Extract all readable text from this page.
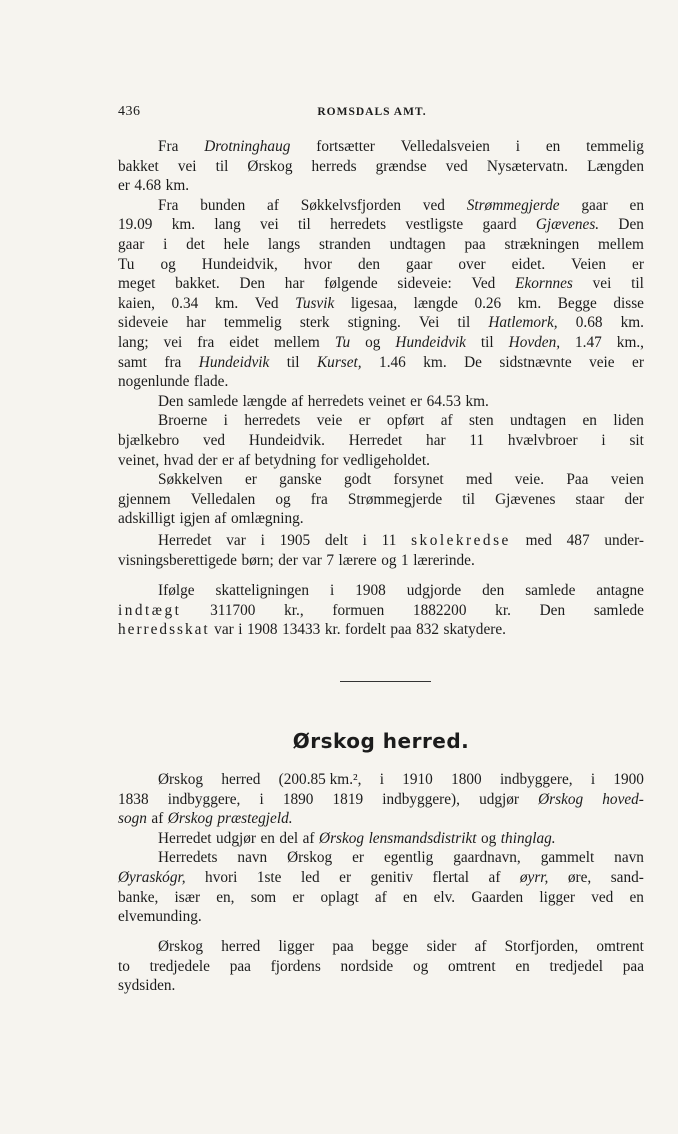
436	ROMSDALS AMT.
Fra Drotninghaug fortsætter Velledalsveien i en temmelig
bakket vei til Ørskog herreds grændse ved Nysætervatn. Længden
er 4.68 km.
Fra bunden af Søkkelvsfjorden ved Strømmegjerde gaar en
19.09 km. lang vei til herredets vestligste gaard Gjævenes. Den
gaar i det hele langs stranden undtagen paa strækningen mellem
Tu og Hundeidvik, hvor den gaar over eidet. Veien er
meget bakket. Den har følgende sideveie: Ved Ekornnes vei til
kaien, 0.34 km. Ved Tusvik ligesaa, længde 0.26 km. Begge disse
sideveie har temmelig sterk stigning. Vei til Hatlemork, 0.68 km.
lang; vei fra eidet mellem Tu og Hundeidvik til Hovden, 1.47 km.,
samt fra Hundeidvik til Kurset, 1.46 km. De sidstnævnte veie er
nogenlunde flade.
Den samlede længde af herredets veinet er 64.53 km.
Broerne i herredets veie er opført af sten undtagen en liden
bjælkebro ved Hundeidvik. Herredet har 11 hvælvbroer i sit
veinet, hvad der er af betydning for vedligeholdet.
Søkkelven er ganske godt forsynet med veie. Paa veien
gjennem Velledalen og fra Strømmegjerde til Gjævenes staar der
adskilligt igjen af omlægning.
Herredet var i 1905 delt i 11 skolekredse med 487 under-
visningsberettigede børn; der var 7 lærere og 1 lærerinde.
Ifølge skatteligningen i 1908 udgjorde den samlede antagne
indtægt 311700 kr., formuen 1882200 kr. Den samlede
herredsskat var i 1908 13433 kr. fordelt paa 832 skatydere.
Ørskog herred.
Ørskog herred (200.85 km.², i 1910 1800 indbyggere, i 1900
1838 indbyggere, i 1890 1819 indbyggere), udgjør Ørskog hoved-
sogn af Ørskog præstegjeld.
Herredet udgjør en del af Ørskog lensmandsdistrikt og thinglag.
Herredets navn Ørskog er egentlig gaardnavn, gammelt navn
Øyraskógr, hvori 1ste led er genitiv flertal af øyrr, øre, sand-
banke, især en, som er oplagt af en elv. Gaarden ligger ved en
elvemunding.
Ørskog herred ligger paa begge sider af Storfjorden, omtrent
to tredjedele paa fjordens nordside og omtrent en tredjedel paa
sydsiden.
